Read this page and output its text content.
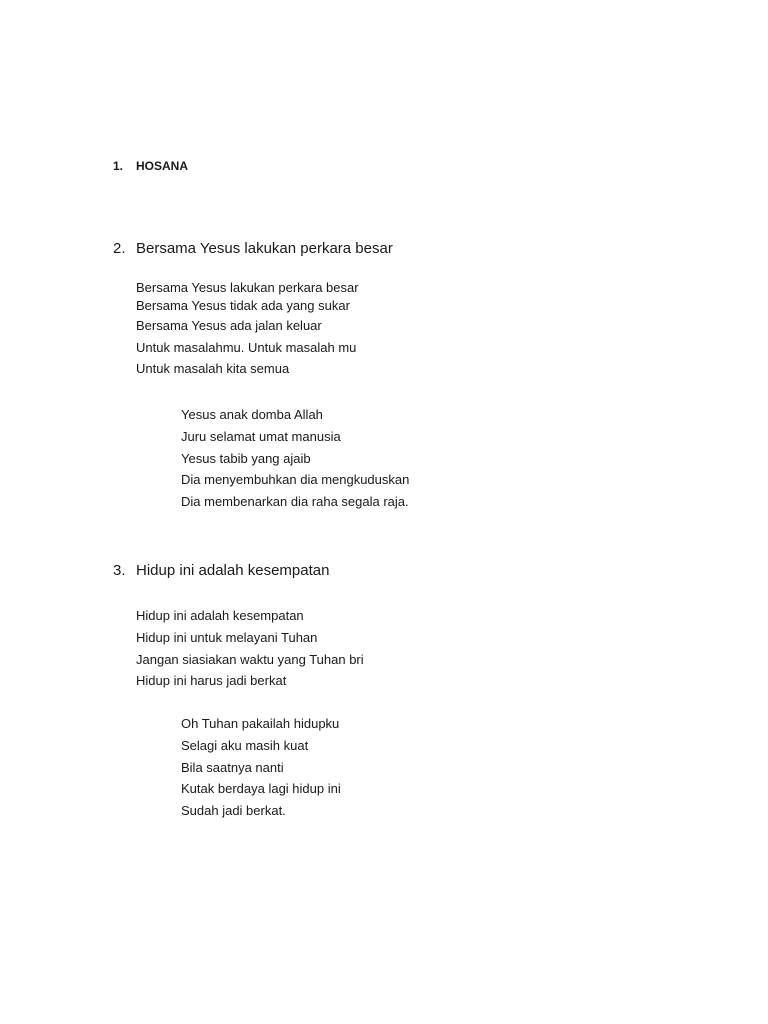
1. HOSANA
2. Bersama Yesus lakukan perkara besar
Bersama Yesus lakukan perkara besar
Bersama Yesus tidak ada yang sukar
Bersama Yesus ada jalan keluar
Untuk masalahmu. Untuk masalah mu
Untuk masalah kita semua
Yesus anak domba Allah
Juru selamat umat manusia
Yesus tabib yang ajaib
Dia menyembuhkan dia mengkuduskan
Dia membenarkan dia raha segala raja.
3. Hidup ini adalah kesempatan
Hidup ini adalah kesempatan
Hidup ini untuk melayani Tuhan
Jangan siasiakan waktu yang Tuhan bri
Hidup ini harus jadi berkat
Oh Tuhan pakailah hidupku
Selagi aku masih kuat
Bila saatnya nanti
Kutak berdaya lagi hidup ini
Sudah jadi berkat.
